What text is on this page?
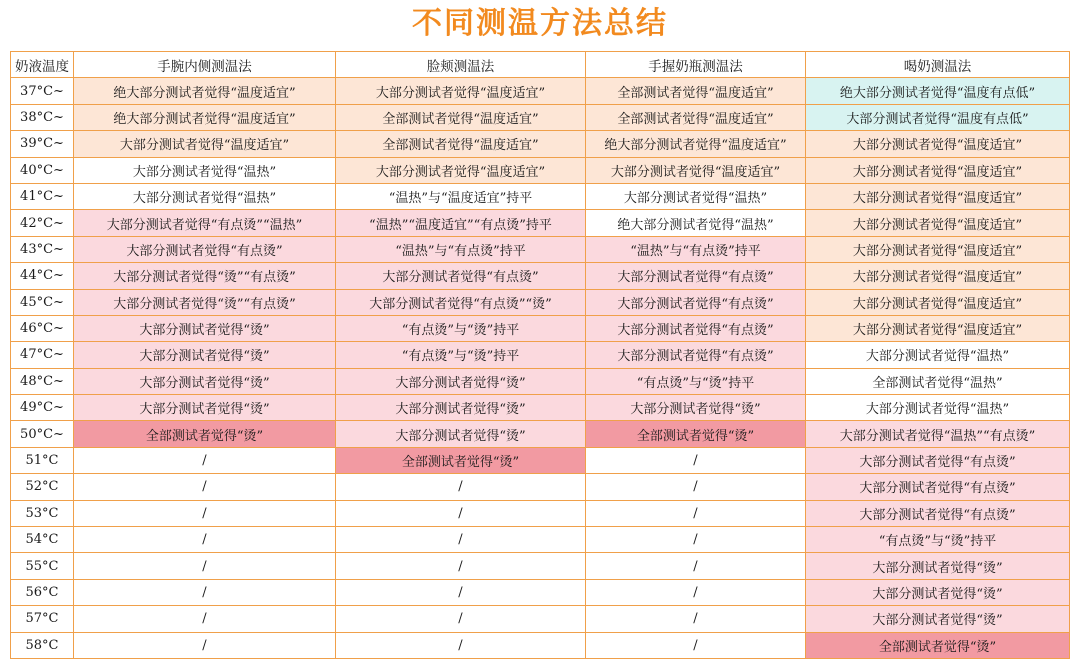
不同测温方法总结
奶液温度	手腕内侧测温法	脸颊测温法	手握奶瓶测温法	喝奶测温法
37°C~	绝大部分测试者觉得“温度适宜”	大部分测试者觉得“温度适宜”	全部测试者觉得“温度适宜”	绝大部分测试者觉得“温度有点低”
38°C~	绝大部分测试者觉得“温度适宜”	全部测试者觉得“温度适宜”	全部测试者觉得“温度适宜”	大部分测试者觉得“温度有点低”
39°C~	大部分测试者觉得“温度适宜”	全部测试者觉得“温度适宜”	绝大部分测试者觉得“温度适宜”	大部分测试者觉得“温度适宜”
40°C~	大部分测试者觉得“温热”	大部分测试者觉得“温度适宜”	大部分测试者觉得“温度适宜”	大部分测试者觉得“温度适宜”
41°C~	大部分测试者觉得“温热”	“温热”与“温度适宜”持平	大部分测试者觉得“温热”	大部分测试者觉得“温度适宜”
42°C~	大部分测试者觉得“有点烫”“温热”	“温热”“温度适宜”“有点烫”持平	绝大部分测试者觉得“温热”	大部分测试者觉得“温度适宜”
43°C~	大部分测试者觉得“有点烫”	“温热”与“有点烫”持平	“温热”与“有点烫”持平	大部分测试者觉得“温度适宜”
44°C~	大部分测试者觉得“烫”“有点烫”	大部分测试者觉得“有点烫”	大部分测试者觉得“有点烫”	大部分测试者觉得“温度适宜”
45°C~	大部分测试者觉得“烫”“有点烫”	大部分测试者觉得“有点烫”“烫”	大部分测试者觉得“有点烫”	大部分测试者觉得“温度适宜”
46°C~	大部分测试者觉得“烫”	“有点烫”与“烫”持平	大部分测试者觉得“有点烫”	大部分测试者觉得“温度适宜”
47°C~	大部分测试者觉得“烫”	“有点烫”与“烫”持平	大部分测试者觉得“有点烫”	大部分测试者觉得“温热”
48°C~	大部分测试者觉得“烫”	大部分测试者觉得“烫”	“有点烫”与“烫”持平	全部测试者觉得“温热”
49°C~	大部分测试者觉得“烫”	大部分测试者觉得“烫”	大部分测试者觉得“烫”	大部分测试者觉得“温热”
50°C~	全部测试者觉得“烫”	大部分测试者觉得“烫”	全部测试者觉得“烫”	大部分测试者觉得“温热”“有点烫”
51°C	/	全部测试者觉得“烫”	/	大部分测试者觉得“有点烫”
52°C	/	/	/	大部分测试者觉得“有点烫”
53°C	/	/	/	大部分测试者觉得“有点烫”
54°C	/	/	/	“有点烫”与“烫”持平
55°C	/	/	/	大部分测试者觉得“烫”
56°C	/	/	/	大部分测试者觉得“烫”
57°C	/	/	/	大部分测试者觉得“烫”
58°C	/	/	/	全部测试者觉得“烫”
